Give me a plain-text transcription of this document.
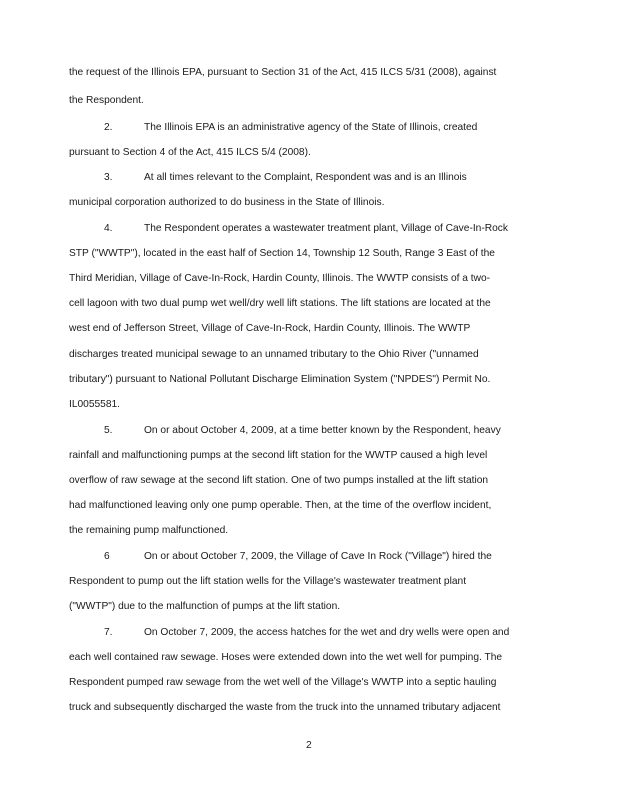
the request of the Illinois EPA, pursuant to Section 31 of the Act, 415 ILCS 5/31 (2008), against
the Respondent.
2.	The Illinois EPA is an administrative agency of the State of Illinois, created
pursuant to Section 4 of the Act, 415 ILCS 5/4 (2008).
3.	At all times relevant to the Complaint, Respondent was and is an Illinois
municipal corporation authorized to do business in the State of Illinois.
4.	The Respondent operates a wastewater treatment plant, Village of Cave-In-Rock
STP ("WWTP"), located in the east half of Section 14, Township 12 South, Range 3 East of the
Third Meridian, Village of Cave-In-Rock, Hardin County, Illinois. The WWTP consists of a two-
cell lagoon with two dual pump wet well/dry well lift stations. The lift stations are located at the
west end of Jefferson Street, Village of Cave-In-Rock, Hardin County, Illinois. The WWTP
discharges treated municipal sewage to an unnamed tributary to the Ohio River ("unnamed
tributary") pursuant to National Pollutant Discharge Elimination System ("NPDES") Permit No.
IL0055581.
5.	On or about October 4, 2009, at a time better known by the Respondent, heavy
rainfall and malfunctioning pumps at the second lift station for the WWTP caused a high level
overflow of raw sewage at the second lift station. One of two pumps installed at the lift station
had malfunctioned leaving only one pump operable. Then, at the time of the overflow incident,
the remaining pump malfunctioned.
6	On or about October 7, 2009, the Village of Cave In Rock ("Village") hired the
Respondent to pump out the lift station wells for the Village's wastewater treatment plant
("WWTP") due to the malfunction of pumps at the lift station.
7.	On October 7, 2009, the access hatches for the wet and dry wells were open and
each well contained raw sewage. Hoses were extended down into the wet well for pumping. The
Respondent pumped raw sewage from the wet well of the Village's WWTP into a septic hauling
truck and subsequently discharged the waste from the truck into the unnamed tributary adjacent
2
